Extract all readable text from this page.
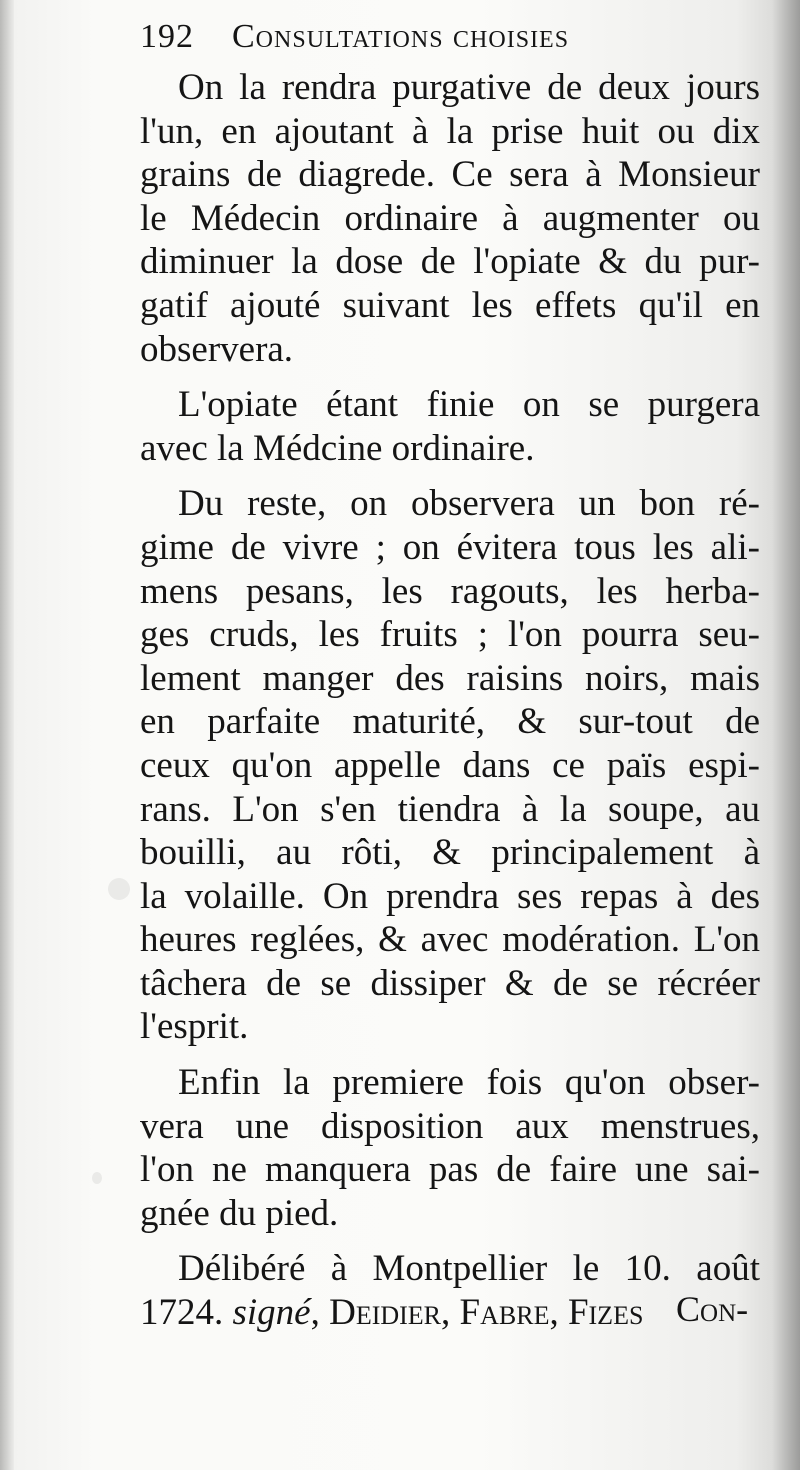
192 Consultations choisies
On la rendra purgative de deux jours
l'un, en ajoutant à la prise huit ou dix
grains de diagrede. Ce sera à Monsieur
le Médecin ordinaire à augmenter ou
diminuer la dose de l'opiate & du pur-
gatif ajouté suivant les effets qu'il en
observera.
L'opiate étant finie on se purgera
avec la Médcine ordinaire.
Du reste, on observera un bon ré-
gime de vivre ; on évitera tous les ali-
mens pesans, les ragouts, les herba-
ges cruds, les fruits ; l'on pourra seu-
lement manger des raisins noirs, mais
en parfaite maturité, & sur-tout de
ceux qu'on appelle dans ce païs espi-
rans. L'on s'en tiendra à la soupe, au
bouilli, au rôti, & principalement à
la volaille. On prendra ses repas à des
heures reglées, & avec modération. L'on
tâchera de se dissiper & de se récréer
l'esprit.
Enfin la premiere fois qu'on obser-
vera une disposition aux menstrues,
l'on ne manquera pas de faire une sai-
gnée du pied.
Délibéré à Montpellier le 10. août
1724. signé, Deidier, Fabre, Fizes Con-
